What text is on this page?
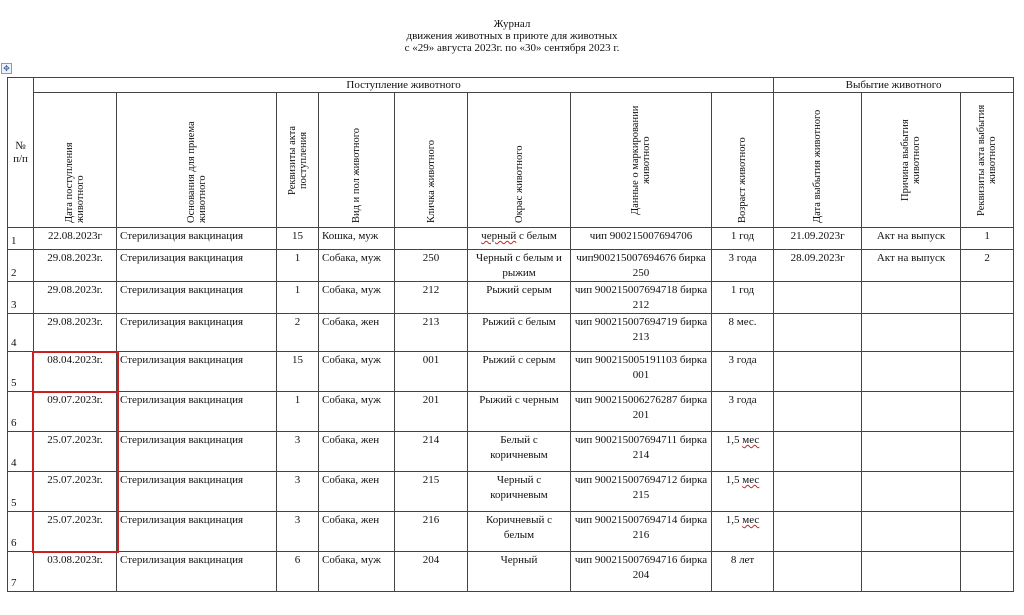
Журнал
движения животных в приюте для животных
с «29» августа 2023г. по «30» сентября 2023 г.
✥
№ п/п	Поступление животного								Выбытие животного		

	Дата поступления животного	Основания для приема животного	Реквизиты акта поступления	Вид и пол животного	Кличка животного	Окрас животного	Данные о маркировании животного	Возраст животного	Дата выбытия животного	Причина выбытия животного	Реквизиты акта выбытия животного

1	22.08.2023г	Стерилизация вакцинация	15	Кошка, муж		черный с белым	чип 900215007694706	1 год	21.09.2023г	Акт на выпуск	1
2	29.08.2023г.	Стерилизация вакцинация	1	Собака, муж	250	Черный с белым и рыжим	чип900215007694676 бирка 250	3 года	28.09.2023г	Акт на выпуск	2
3	29.08.2023г.	Стерилизация вакцинация	1	Собака, муж	212	Рыжий серым	чип 900215007694718 бирка 212	1 год			
4	29.08.2023г.	Стерилизация вакцинация	2	Собака, жен	213	Рыжий с белым	чип 900215007694719 бирка 213	8 мес.			
5	08.04.2023г.	Стерилизация вакцинация	15	Собака, муж	001	Рыжий с серым	чип 900215005191103 бирка 001	3 года			
6	09.07.2023г.	Стерилизация вакцинация	1	Собака, муж	201	Рыжий с черным	чип 900215006276287 бирка 201	3 года			
4	25.07.2023г.	Стерилизация вакцинация	3	Собака, жен	214	Белый с коричневым	чип 900215007694711 бирка 214	1,5 мес			
5	25.07.2023г.	Стерилизация вакцинация	3	Собака, жен	215	Черный с коричневым	чип 900215007694712 бирка 215	1,5 мес			
6	25.07.2023г.	Стерилизация вакцинация	3	Собака, жен	216	Коричневый с белым	чип 900215007694714 бирка 216	1,5 мес			
7	03.08.2023г.	Стерилизация вакцинация	6	Собака, муж	204	Черный	чип 900215007694716 бирка 204	8 лет			
